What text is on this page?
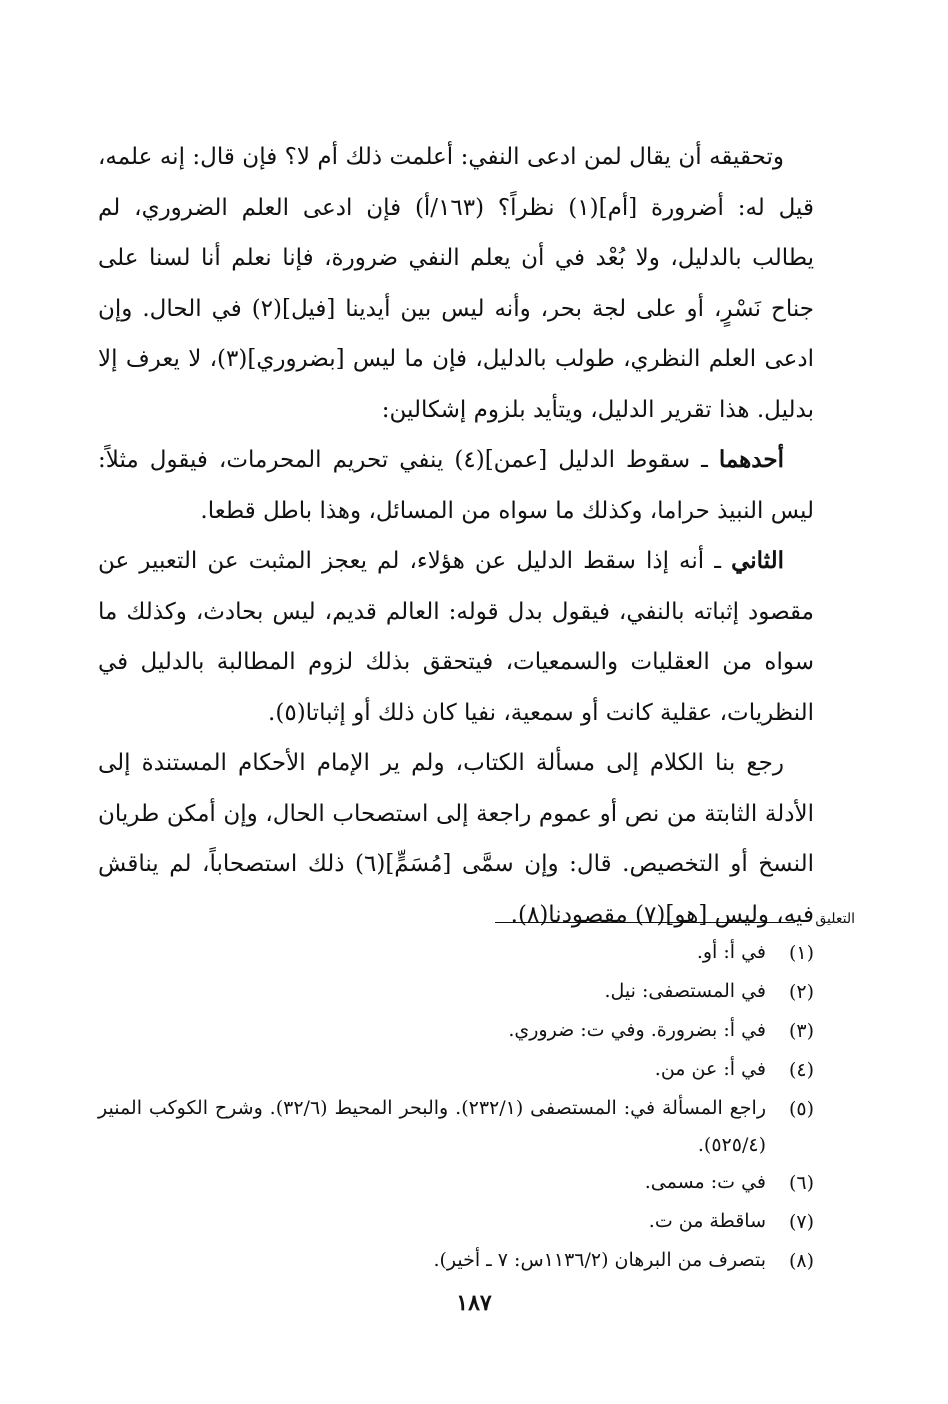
وتحقيقه أن يقال لمن ادعى النفي: أعلمت ذلك أم لا؟ فإن قال: إنه علمه، قيل له: أضرورة [أم](١) نظراً؟ (١٦٣/أ) فإن ادعى العلم الضروري، لم يطالب بالدليل، ولا بُعْد في أن يعلم النفي ضرورة، فإنا نعلم أنا لسنا على جناح نَسْرٍ، أو على لجة بحر، وأنه ليس بين أيدينا [فيل](٢) في الحال. وإن ادعى العلم النظري، طولب بالدليل، فإن ما ليس [بضروري](٣)، لا يعرف إلا بدليل. هذا تقرير الدليل، ويتأيد بلزوم إشكالين:

أحدهما ـ سقوط الدليل [عمن](٤) ينفي تحريم المحرمات، فيقول مثلاً: ليس النبيذ حراما، وكذلك ما سواه من المسائل، وهذا باطل قطعا.

الثاني ـ أنه إذا سقط الدليل عن هؤلاء، لم يعجز المثبت عن التعبير عن مقصود إثباته بالنفي، فيقول بدل قوله: العالم قديم، ليس بحادث، وكذلك ما سواه من العقليات والسمعيات، فيتحقق بذلك لزوم المطالبة بالدليل في النظريات، عقلية كانت أو سمعية، نفيا كان ذلك أو إثباتا(٥).

رجع بنا الكلام إلى مسألة الكتاب، ولم ير الإمام الأحكام المستندة إلى الأدلة الثابتة من نص أو عموم راجعة إلى استصحاب الحال، وإن أمكن طريان النسخ أو التخصيص. قال: وإن سمَّى [مُسَمٍّ](٦) ذلك استصحاباً، لم يناقش فيه، وليس [هو](٧) مقصودنا(٨). التعليق
(١)
في أ: أو.
(٢)
في المستصفى: نيل.
(٣)
في أ: بضرورة. وفي ت: ضروري.
(٤)
في أ: عن من.
(٥)
راجع المسألة في: المستصفى (٢٣٢/١). والبحر المحيط (٣٢/٦). وشرح الكوكب المنير (٥٢٥/٤).
(٦)
في ت: مسمى.
(٧)
ساقطة من ت.
(٨)
بتصرف من البرهان (١١٣٦/٢س: ٧ ـ أخير).
١٨٧
